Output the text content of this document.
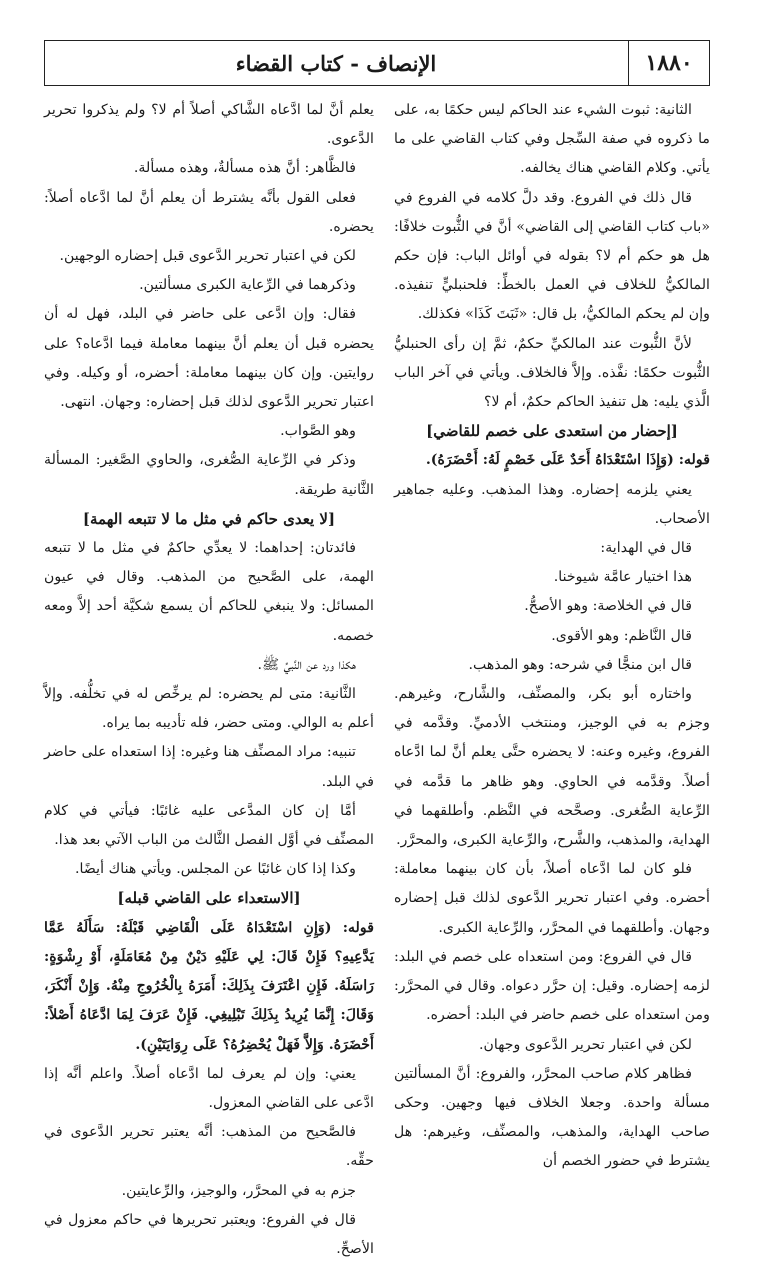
١٨٨٠
الإنصاف - كتاب القضاء

الثانية: ثبوت الشيء عند الحاكم ليس حكمًا به، على ما ذكروه في صفة السِّجل وفي كتاب القاضي على ما يأتي. وكلام القاضي هناك يخالفه.

قال ذلك في الفروع. وقد دلَّ كلامه في الفروع في «باب كتاب القاضي إلى القاضي» أنَّ في الثُّبوت خلافًا: هل هو حكم أم لا؟ بقوله في أوائل الباب: فإن حكم المالكيُّ للخلاف في العمل بالخطِّ: فلحنبليٍّ تنفيذه. وإن لم يحكم المالكيُّ، بل قال: «ثَبَتَ كَذَا» فكذلك.

لأنَّ الثُّبوت عند المالكيِّ حكمٌ، ثمَّ إن رأى الحنبليُّ الثُّبوت حكمًا: نفَّذه. وإلاَّ فالخلاف. ويأتي في آخر الباب الَّذي يليه: هل تنفيذ الحاكم حكمٌ، أم لا؟

[إحضار من استعدى على خصم للقاضي]

قوله: (وَإِذَا اسْتَعْدَاهُ أَحَدٌ عَلَى خَصْمٍ لَهُ: أَحْضَرَهُ).

يعني يلزمه إحضاره. وهذا المذهب. وعليه جماهير الأصحاب.

قال في الهداية:

هذا اختيار عامَّة شيوخنا.

قال في الخلاصة: وهو الأصحُّ.

قال النَّاظم: وهو الأقوى.

قال ابن منجًّا في شرحه: وهو المذهب.

واختاره أبو بكر، والمصنِّف، والشَّارح، وغيرهم. وجزم به في الوجيز، ومنتخب الأدميِّ. وقدَّمه في الفروع، وغيره وعنه: لا يحضره حتَّى يعلم أنَّ لما ادَّعاه أصلاً. وقدَّمه في الحاوي. وهو ظاهر ما قدَّمه في الرِّعاية الصُّغرى. وصحَّحه في النَّظم. وأطلقهما في الهداية، والمذهب، والشَّرح، والرِّعاية الكبرى، والمحرَّر.

فلو كان لما ادَّعاه أصلاً، بأن كان بينهما معاملة: أحضره. وفي اعتبار تحرير الدَّعوى لذلك قبل إحضاره وجهان. وأطلقهما في المحرَّر، والرِّعاية الكبرى.

قال في الفروع: ومن استعداه على خصم في البلد: لزمه إحضاره. وقيل: إن حرَّر دعواه. وقال في المحرَّر: ومن استعداه على خصم حاضر في البلد: أحضره.

لكن في اعتبار تحرير الدَّعوى وجهان.

فظاهر كلام صاحب المحرَّر، والفروع: أنَّ المسألتين مسألة واحدة. وجعلا الخلاف فيها وجهين. وحكى صاحب الهداية، والمذهب، والمصنِّف، وغيرهم: هل يشترط في حضور الخصم أن

يعلم أنَّ لما ادَّعاه الشَّاكي أصلاً أم لا؟ ولم يذكروا تحرير الدَّعوى.

فالظَّاهر: أنَّ هذه مسألةٌ، وهذه مسألة.

فعلى القول بأنَّه يشترط أن يعلم أنَّ لما ادَّعاه أصلاً: يحضره.

لكن في اعتبار تحرير الدَّعوى قبل إحضاره الوجهين.

وذكرهما في الرِّعاية الكبرى مسألتين.

فقال: وإن ادَّعى على حاضر في البلد، فهل له أن يحضره قبل أن يعلم أنَّ بينهما معاملة فيما ادَّعاه؟ على روايتين. وإن كان بينهما معاملة: أحضره، أو وكيله. وفي اعتبار تحرير الدَّعوى لذلك قبل إحضاره: وجهان. انتهى.

وهو الصَّواب.

وذكر في الرِّعاية الصُّغرى، والحاوي الصَّغير: المسألة الثَّانية طريقة.

[لا يعدى حاكم في مثل ما لا تتبعه الهمة]

فائدتان: إحداهما: لا يعدِّي حاكمٌ في مثل ما لا تتبعه الهمة، على الصَّحيح من المذهب. وقال في عيون المسائل: ولا ينبغي للحاكم أن يسمع شكيَّة أحد إلاَّ ومعه خصمه.

هكذا ورد عن النَّبيِّ ﷺ.

الثَّانية: متى لم يحضره: لم يرخِّص له في تخلُّفه. وإلاَّ أعلم به الوالي. ومتى حضر، فله تأديبه بما يراه.

تنبيه: مراد المصنِّف هنا وغيره: إذا استعداه على حاضر في البلد.

أمَّا إن كان المدَّعى عليه غائبًا: فيأتي في كلام المصنِّف في أوَّل الفصل الثَّالث من الباب الآتي بعد هذا.

وكذا إذا كان غائبًا عن المجلس. ويأتي هناك أيضًا.

[الاستعداء على القاضي قبله]

قوله: (وَإِنِ اسْتَعْدَاهُ عَلَى الْقَاضِي قَبْلَهُ: سَأَلَهُ عَمَّا يَدَّعِيهِ؟ فَإِنْ قَالَ: لِي عَلَيْهِ دَيْنٌ مِنْ مُعَامَلَةٍ، أَوْ رِشْوَةٍ: رَاسَلَهُ. فَإِنِ اعْتَرَفَ بِذَلِكَ: أَمَرَهُ بِالْخُرُوجِ مِنْهُ. وَإِنْ أَنْكَرَ، وَقَالَ: إِنَّمَا يُرِيدُ بِذَلِكَ تَبْلِيغِي. فَإِنْ عَرَفَ لِمَا ادَّعَاهُ أَصْلاً: أَحْضَرَهُ. وَإِلاَّ فَهَلْ يُحْضِرُهُ؟ عَلَى رِوَايَتَيْنِ).

يعني: وإن لم يعرف لما ادَّعاه أصلاً. واعلم أنَّه إذا ادَّعى على القاضي المعزول.

فالصَّحيح من المذهب: أنَّه يعتبر تحرير الدَّعوى في حقِّه.

جزم به في المحرَّر، والوجيز، والرِّعايتين.

قال في الفروع: ويعتبر تحريرها في حاكم معزول في الأصحِّ.
